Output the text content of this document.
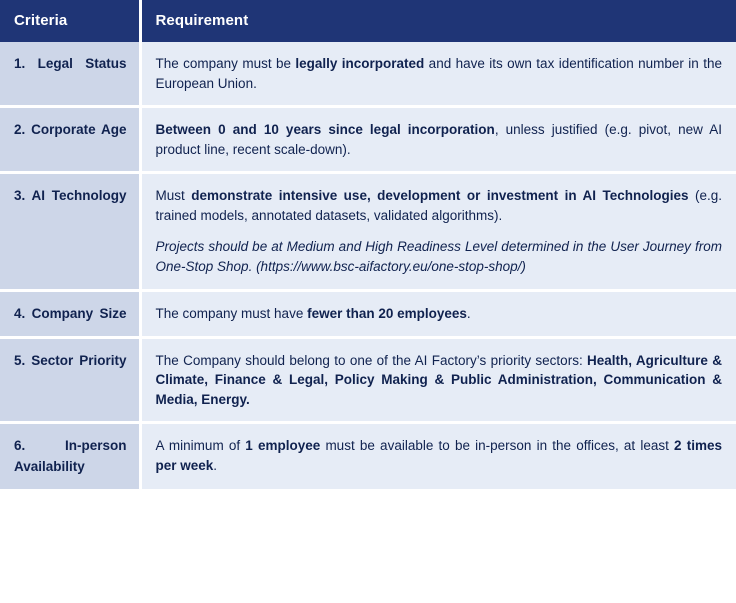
Criteria	Requirement
1. Legal Status	The company must be legally incorporated and have its own tax identification number in the European Union.

2. Corporate Age	Between 0 and 10 years since legal incorporation, unless justified (e.g. pivot, new AI product line, recent scale-down).

3. AI Technology	Must demonstrate intensive use, development or investment in AI Technologies (e.g. trained models, annotated datasets, validated algorithms).

Projects should be at Medium and High Readiness Level determined in the User Journey from One-Stop Shop. (https://www.bsc-aifactory.eu/one-stop-shop/)

4. Company Size	The company must have fewer than 20 employees.

5. Sector Priority	The Company should belong to one of the AI Factory’s priority sectors: Health, Agriculture & Climate, Finance & Legal, Policy Making & Public Administration, Communication & Media, Energy.

6. In-person Availability	A minimum of 1 employee must be available to be in-person in the offices, at least 2 times per week.
